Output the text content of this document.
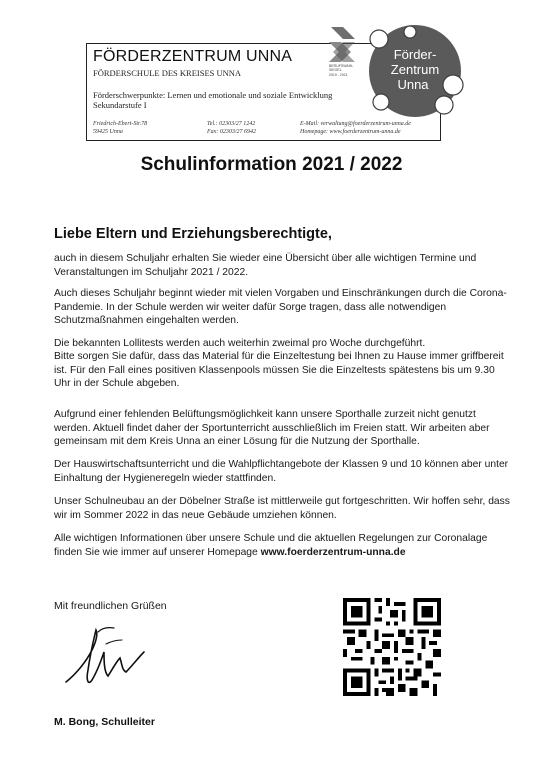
FÖRDERZENTRUM UNNA
FÖRDERSCHULE DES KREISES UNNA
Förderschwerpunkte: Lernen und emotionale und soziale Entwicklung
Sekundarstufe I
Friedrich-Ebert-Str.78
59425 Unna
Tel.: 02303/27 1242
Fax: 02303/27 6942
E-Mail: verwaltung@foerderzentrum-unna.de
Homepage: www.foerderzentrum-unna.de
BERUFSWAHL
SIEGEL
2019 - 2021
Förder-
Zentrum
Unna
Schulinformation 2021 / 2022
Liebe Eltern und Erziehungsberechtigte,
auch in diesem Schuljahr erhalten Sie wieder eine Übersicht über alle wichtigen Termine und Veranstaltungen im Schuljahr 2021 / 2022.
Auch dieses Schuljahr beginnt wieder mit vielen Vorgaben und Einschränkungen durch die Corona-Pandemie. In der Schule werden wir weiter dafür Sorge tragen, dass alle notwendigen Schutzmaßnahmen eingehalten werden.
Die bekannten Lollitests werden auch weiterhin zweimal pro Woche durchgeführt.
Bitte sorgen Sie dafür, dass das Material für die Einzeltestung bei Ihnen zu Hause immer griffbereit ist. Für den Fall eines positiven Klassenpools müssen Sie die Einzeltests spätestens bis um 9.30 Uhr in der Schule abgeben.
Aufgrund einer fehlenden Belüftungsmöglichkeit kann unsere Sporthalle zurzeit nicht genutzt werden. Aktuell findet daher der Sportunterricht ausschließlich im Freien statt. Wir arbeiten aber gemeinsam mit dem Kreis Unna an einer Lösung für die Nutzung der Sporthalle.
Der Hauswirtschaftsunterricht und die Wahlpflichtangebote der Klassen 9 und 10 können aber unter Einhaltung der Hygieneregeln wieder stattfinden.
Unser Schulneubau an der Döbelner Straße ist mittlerweile gut fortgeschritten. Wir hoffen sehr, dass wir im Sommer 2022 in das neue Gebäude umziehen können.
Alle wichtigen Informationen über unsere Schule und die aktuellen Regelungen zur Coronalage finden Sie wie immer auf unserer Homepage www.foerderzentrum-unna.de
Mit freundlichen Grüßen
M. Bong, Schulleiter
